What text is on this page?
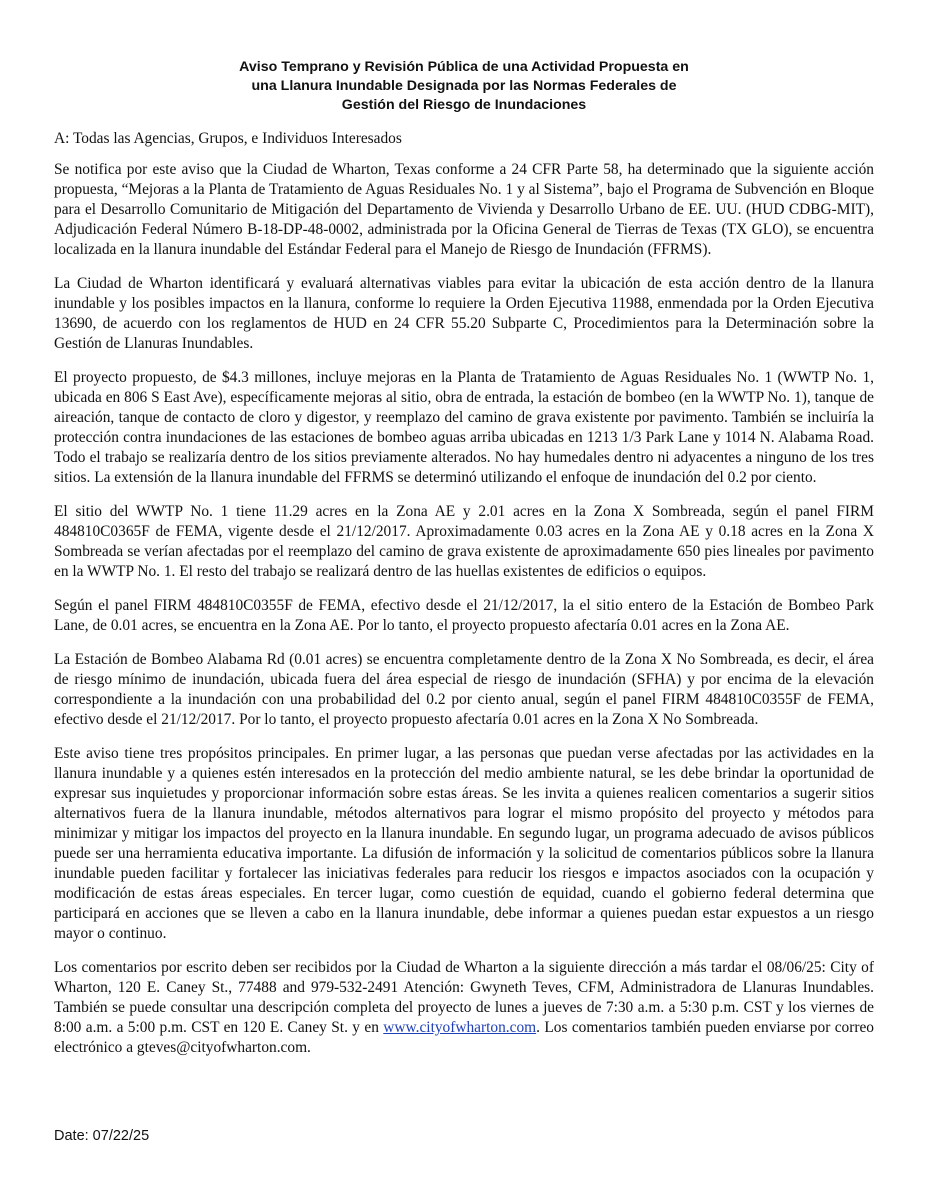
Aviso Temprano y Revisión Pública de una Actividad Propuesta en
una Llanura Inundable Designada por las Normas Federales de
Gestión del Riesgo de Inundaciones

A: Todas las Agencias, Grupos, e Individuos Interesados

Se notifica por este aviso que la Ciudad de Wharton, Texas conforme a 24 CFR Parte 58, ha determinado que la siguiente acción propuesta, “Mejoras a la Planta de Tratamiento de Aguas Residuales No. 1 y al Sistema”, bajo el Programa de Subvención en Bloque para el Desarrollo Comunitario de Mitigación del Departamento de Vivienda y Desarrollo Urbano de EE. UU. (HUD CDBG-MIT), Adjudicación Federal Número B-18-DP-48-0002, administrada por la Oficina General de Tierras de Texas (TX GLO), se encuentra localizada en la llanura inundable del Estándar Federal para el Manejo de Riesgo de Inundación (FFRMS).

La Ciudad de Wharton identificará y evaluará alternativas viables para evitar la ubicación de esta acción dentro de la llanura inundable y los posibles impactos en la llanura, conforme lo requiere la Orden Ejecutiva 11988, enmendada por la Orden Ejecutiva 13690, de acuerdo con los reglamentos de HUD en 24 CFR 55.20 Subparte C, Procedimientos para la Determinación sobre la Gestión de Llanuras Inundables.

El proyecto propuesto, de $4.3 millones, incluye mejoras en la Planta de Tratamiento de Aguas Residuales No. 1 (WWTP No. 1, ubicada en 806 S East Ave), específicamente mejoras al sitio, obra de entrada, la estación de bombeo (en la WWTP No. 1), tanque de aireación, tanque de contacto de cloro y digestor, y reemplazo del camino de grava existente por pavimento. También se incluiría la protección contra inundaciones de las estaciones de bombeo aguas arriba ubicadas en 1213 1/3 Park Lane y 1014 N. Alabama Road. Todo el trabajo se realizaría dentro de los sitios previamente alterados. No hay humedales dentro ni adyacentes a ninguno de los tres sitios. La extensión de la llanura inundable del FFRMS se determinó utilizando el enfoque de inundación del 0.2 por ciento.

El sitio del WWTP No. 1 tiene 11.29 acres en la Zona AE y 2.01 acres en la Zona X Sombreada, según el panel FIRM 484810C0365F de FEMA, vigente desde el 21/12/2017. Aproximadamente 0.03 acres en la Zona AE y 0.18 acres en la Zona X Sombreada se verían afectadas por el reemplazo del camino de grava existente de aproximadamente 650 pies lineales por pavimento en la WWTP No. 1. El resto del trabajo se realizará dentro de las huellas existentes de edificios o equipos.

Según el panel FIRM 484810C0355F de FEMA, efectivo desde el 21/12/2017, la el sitio entero de la Estación de Bombeo Park Lane, de 0.01 acres, se encuentra en la Zona AE. Por lo tanto, el proyecto propuesto afectaría 0.01 acres en la Zona AE.

La Estación de Bombeo Alabama Rd (0.01 acres) se encuentra completamente dentro de la Zona X No Sombreada, es decir, el área de riesgo mínimo de inundación, ubicada fuera del área especial de riesgo de inundación (SFHA) y por encima de la elevación correspondiente a la inundación con una probabilidad del 0.2 por ciento anual, según el panel FIRM 484810C0355F de FEMA, efectivo desde el 21/12/2017. Por lo tanto, el proyecto propuesto afectaría 0.01 acres en la Zona X No Sombreada.

Este aviso tiene tres propósitos principales. En primer lugar, a las personas que puedan verse afectadas por las actividades en la llanura inundable y a quienes estén interesados en la protección del medio ambiente natural, se les debe brindar la oportunidad de expresar sus inquietudes y proporcionar información sobre estas áreas. Se les invita a quienes realicen comentarios a sugerir sitios alternativos fuera de la llanura inundable, métodos alternativos para lograr el mismo propósito del proyecto y métodos para minimizar y mitigar los impactos del proyecto en la llanura inundable. En segundo lugar, un programa adecuado de avisos públicos puede ser una herramienta educativa importante. La difusión de información y la solicitud de comentarios públicos sobre la llanura inundable pueden facilitar y fortalecer las iniciativas federales para reducir los riesgos e impactos asociados con la ocupación y modificación de estas áreas especiales. En tercer lugar, como cuestión de equidad, cuando el gobierno federal determina que participará en acciones que se lleven a cabo en la llanura inundable, debe informar a quienes puedan estar expuestos a un riesgo mayor o continuo.

Los comentarios por escrito deben ser recibidos por la Ciudad de Wharton a la siguiente dirección a más tardar el 08/06/25: City of Wharton, 120 E. Caney St., 77488 and 979-532-2491 Atención: Gwyneth Teves, CFM, Administradora de Llanuras Inundables. También se puede consultar una descripción completa del proyecto de lunes a jueves de 7:30 a.m. a 5:30 p.m. CST y los viernes de 8:00 a.m. a 5:00 p.m. CST en 120 E. Caney St. y en www.cityofwharton.com. Los comentarios también pueden enviarse por correo electrónico a gteves@cityofwharton.com.

Date: 07/22/25
